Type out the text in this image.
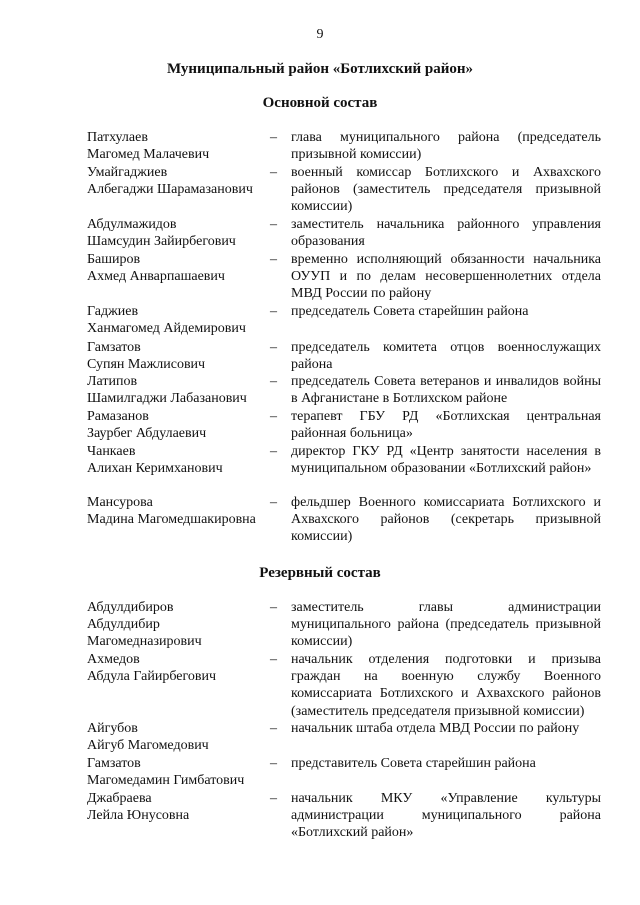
9
Муниципальный район «Ботлихский район»
Основной состав
Патхулаев
Магомед Малачевич
– глава муниципального района (председатель призывной комиссии)
Умайгаджиев
Албегаджи Шарамазанович
– военный комиссар Ботлихского и Ахвахского районов (заместитель председателя призывной комиссии)
Абдулмажидов
Шамсудин Зайирбегович
– заместитель начальника районного управления образования
Баширов
Ахмед Анварпашаевич
– временно исполняющий обязанности начальника ОУУП и по делам несовершеннолетних отдела МВД России по району
Гаджиев
Ханмагомед Айдемирович
– председатель Совета старейшин района
Гамзатов
Супян Мажлисович
– председатель комитета отцов военнослужащих района
Латипов
Шамилгаджи Лабазанович
– председатель Совета ветеранов и инвалидов войны в Афганистане в Ботлихском районе
Рамазанов
Заурбег Абдулаевич
– терапевт ГБУ РД «Ботлихская центральная районная больница»
Чанкаев
Алихан Керимханович
– директор ГКУ РД «Центр занятости населения в муниципальном образовании «Ботлихский район»
Мансурова
Мадина Магомедшакировна
– фельдшер Военного комиссариата Ботлихского и Ахвахского районов (секретарь призывной комиссии)
Резервный состав
Абдулдибиров
Абдулдибир
Магомедназирович
– заместитель главы администрации муниципального района (председатель призывной комиссии)
Ахмедов
Абдула Гайирбегович
– начальник отделения подготовки и призыва граждан на военную службу Военного комиссариата Ботлихского и Ахвахского районов (заместитель председателя призывной комиссии)
Айгубов
Айгуб Магомедович
– начальник штаба отдела МВД России по району
Гамзатов
Магомедамин Гимбатович
– представитель Совета старейшин района
Джабраева
Лейла Юнусовна
– начальник МКУ «Управление культуры администрации муниципального района «Ботлихский район»
